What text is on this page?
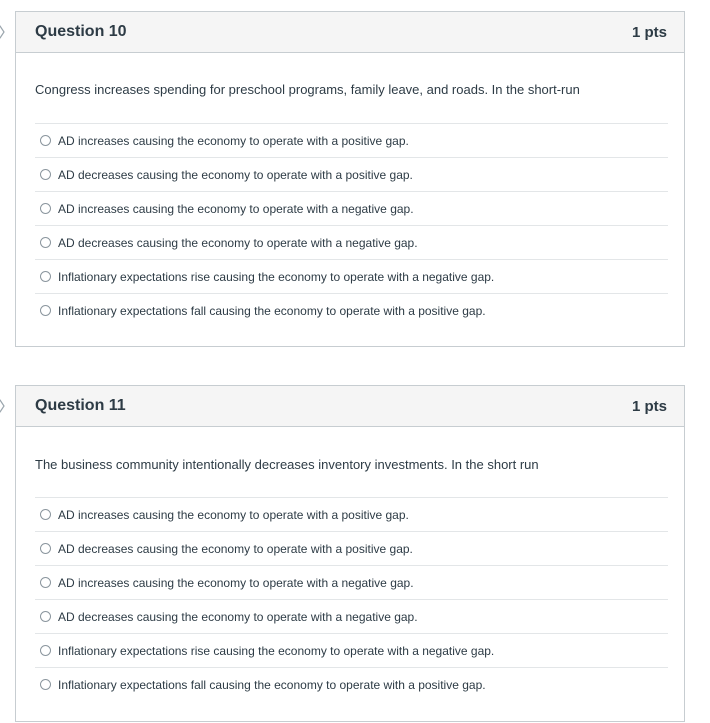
Question 10	1 pts
Congress increases spending for preschool programs, family leave, and roads. In the short-run
AD increases causing the economy to operate with a positive gap.
AD decreases causing the economy to operate with a positive gap.
AD increases causing the economy to operate with a negative gap.
AD decreases causing the economy to operate with a negative gap.
Inflationary expectations rise causing the economy to operate with a negative gap.
Inflationary expectations fall causing the economy to operate with a positive gap.
Question 11	1 pts
The business community intentionally decreases inventory investments. In the short run
AD increases causing the economy to operate with a positive gap.
AD decreases causing the economy to operate with a positive gap.
AD increases causing the economy to operate with a negative gap.
AD decreases causing the economy to operate with a negative gap.
Inflationary expectations rise causing the economy to operate with a negative gap.
Inflationary expectations fall causing the economy to operate with a positive gap.
